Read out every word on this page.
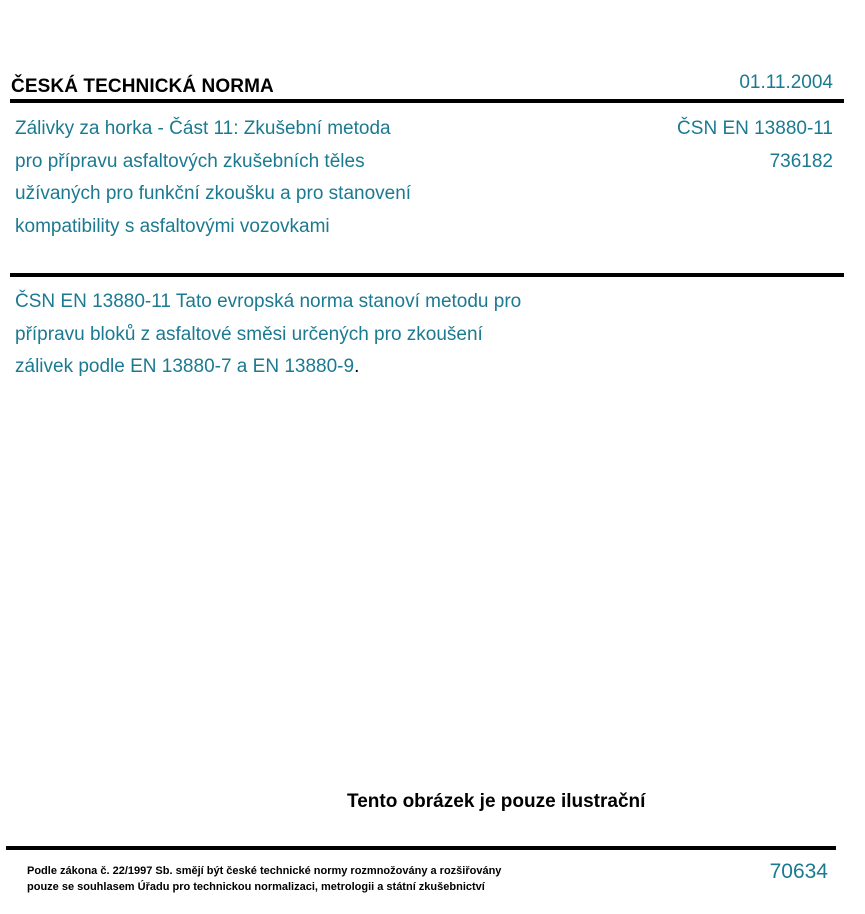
ČESKÁ TECHNICKÁ NORMA	01.11.2004
Zálivky za horka - Část 11: Zkušební metoda
pro přípravu asfaltových zkušebních těles
užívaných pro funkční zkoušku a pro stanovení
kompatibility s asfaltovými vozovkami
ČSN EN 13880-11
736182
ČSN EN 13880-11 Tato evropská norma stanoví metodu pro
přípravu bloků z asfaltové směsi určených pro zkoušení
zálivek podle EN 13880-7 a EN 13880-9.
Tento obrázek je pouze ilustrační
Podle zákona č. 22/1997 Sb. smějí být české technické normy rozmnožovány a rozšiřovány
pouze se souhlasem Úřadu pro technickou normalizaci, metrologii a státní zkušebnictví
70634
